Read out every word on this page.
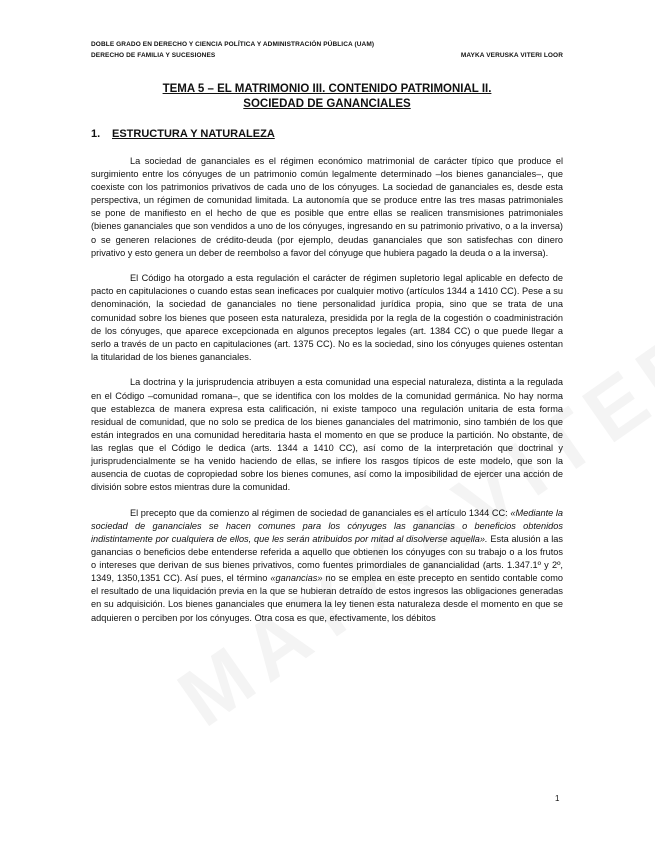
DOBLE GRADO EN DERECHO Y CIENCIA POLÍTICA Y ADMINISTRACIÓN PÚBLICA (UAM)
DERECHO DE FAMILIA Y SUCESIONES	MAYKA VERUSKA VITERI LOOR
TEMA 5 – EL MATRIMONIO III. CONTENIDO PATRIMONIAL II.
SOCIEDAD DE GANANCIALES
1. ESTRUCTURA Y NATURALEZA

La sociedad de gananciales es el régimen económico matrimonial de carácter típico que produce el surgimiento entre los cónyuges de un patrimonio común legalmente determinado –los bienes gananciales–, que coexiste con los patrimonios privativos de cada uno de los cónyuges. La sociedad de gananciales es, desde esta perspectiva, un régimen de comunidad limitada. La autonomía que se produce entre las tres masas patrimoniales se pone de manifiesto en el hecho de que es posible que entre ellas se realicen transmisiones patrimoniales (bienes gananciales que son vendidos a uno de los cónyuges, ingresando en su patrimonio privativo, o a la inversa) o se generen relaciones de crédito-deuda (por ejemplo, deudas gananciales que son satisfechas con dinero privativo y esto genera un deber de reembolso a favor del cónyuge que hubiera pagado la deuda o a la inversa).

El Código ha otorgado a esta regulación el carácter de régimen supletorio legal aplicable en defecto de pacto en capitulaciones o cuando estas sean ineficaces por cualquier motivo (artículos 1344 a 1410 CC). Pese a su denominación, la sociedad de gananciales no tiene personalidad jurídica propia, sino que se trata de una comunidad sobre los bienes que poseen esta naturaleza, presidida por la regla de la cogestión o coadministración de los cónyuges, que aparece excepcionada en algunos preceptos legales (art. 1384 CC) o que puede llegar a serlo a través de un pacto en capitulaciones (art. 1375 CC). No es la sociedad, sino los cónyuges quienes ostentan la titularidad de los bienes gananciales.

La doctrina y la jurisprudencia atribuyen a esta comunidad una especial naturaleza, distinta a la regulada en el Código –comunidad romana–, que se identifica con los moldes de la comunidad germánica. No hay norma que establezca de manera expresa esta calificación, ni existe tampoco una regulación unitaria de esta forma residual de comunidad, que no solo se predica de los bienes gananciales del matrimonio, sino también de los que están integrados en una comunidad hereditaria hasta el momento en que se produce la partición. No obstante, de las reglas que el Código le dedica (arts. 1344 a 1410 CC), así como de la interpretación que doctrinal y jurisprudencialmente se ha venido haciendo de ellas, se infiere los rasgos típicos de este modelo, que son la ausencia de cuotas de copropiedad sobre los bienes comunes, así como la imposibilidad de ejercer una acción de división sobre estos mientras dure la comunidad.

El precepto que da comienzo al régimen de sociedad de gananciales es el artículo 1344 CC: «Mediante la sociedad de gananciales se hacen comunes para los cónyuges las ganancias o beneficios obtenidos indistintamente por cualquiera de ellos, que les serán atribuidos por mitad al disolverse aquella». Esta alusión a las ganancias o beneficios debe entenderse referida a aquello que obtienen los cónyuges con su trabajo o a los frutos o intereses que derivan de sus bienes privativos, como fuentes primordiales de ganancialidad (arts. 1.347.1º y 2º, 1349, 1350,1351 CC). Así pues, el término «ganancias» no se emplea en este precepto en sentido contable como el resultado de una liquidación previa en la que se hubieran detraído de estos ingresos las obligaciones generadas en su adquisición. Los bienes gananciales que enumera la ley tienen esta naturaleza desde el momento en que se adquieren o perciben por los cónyuges. Otra cosa es que, efectivamente, los débitos

1
